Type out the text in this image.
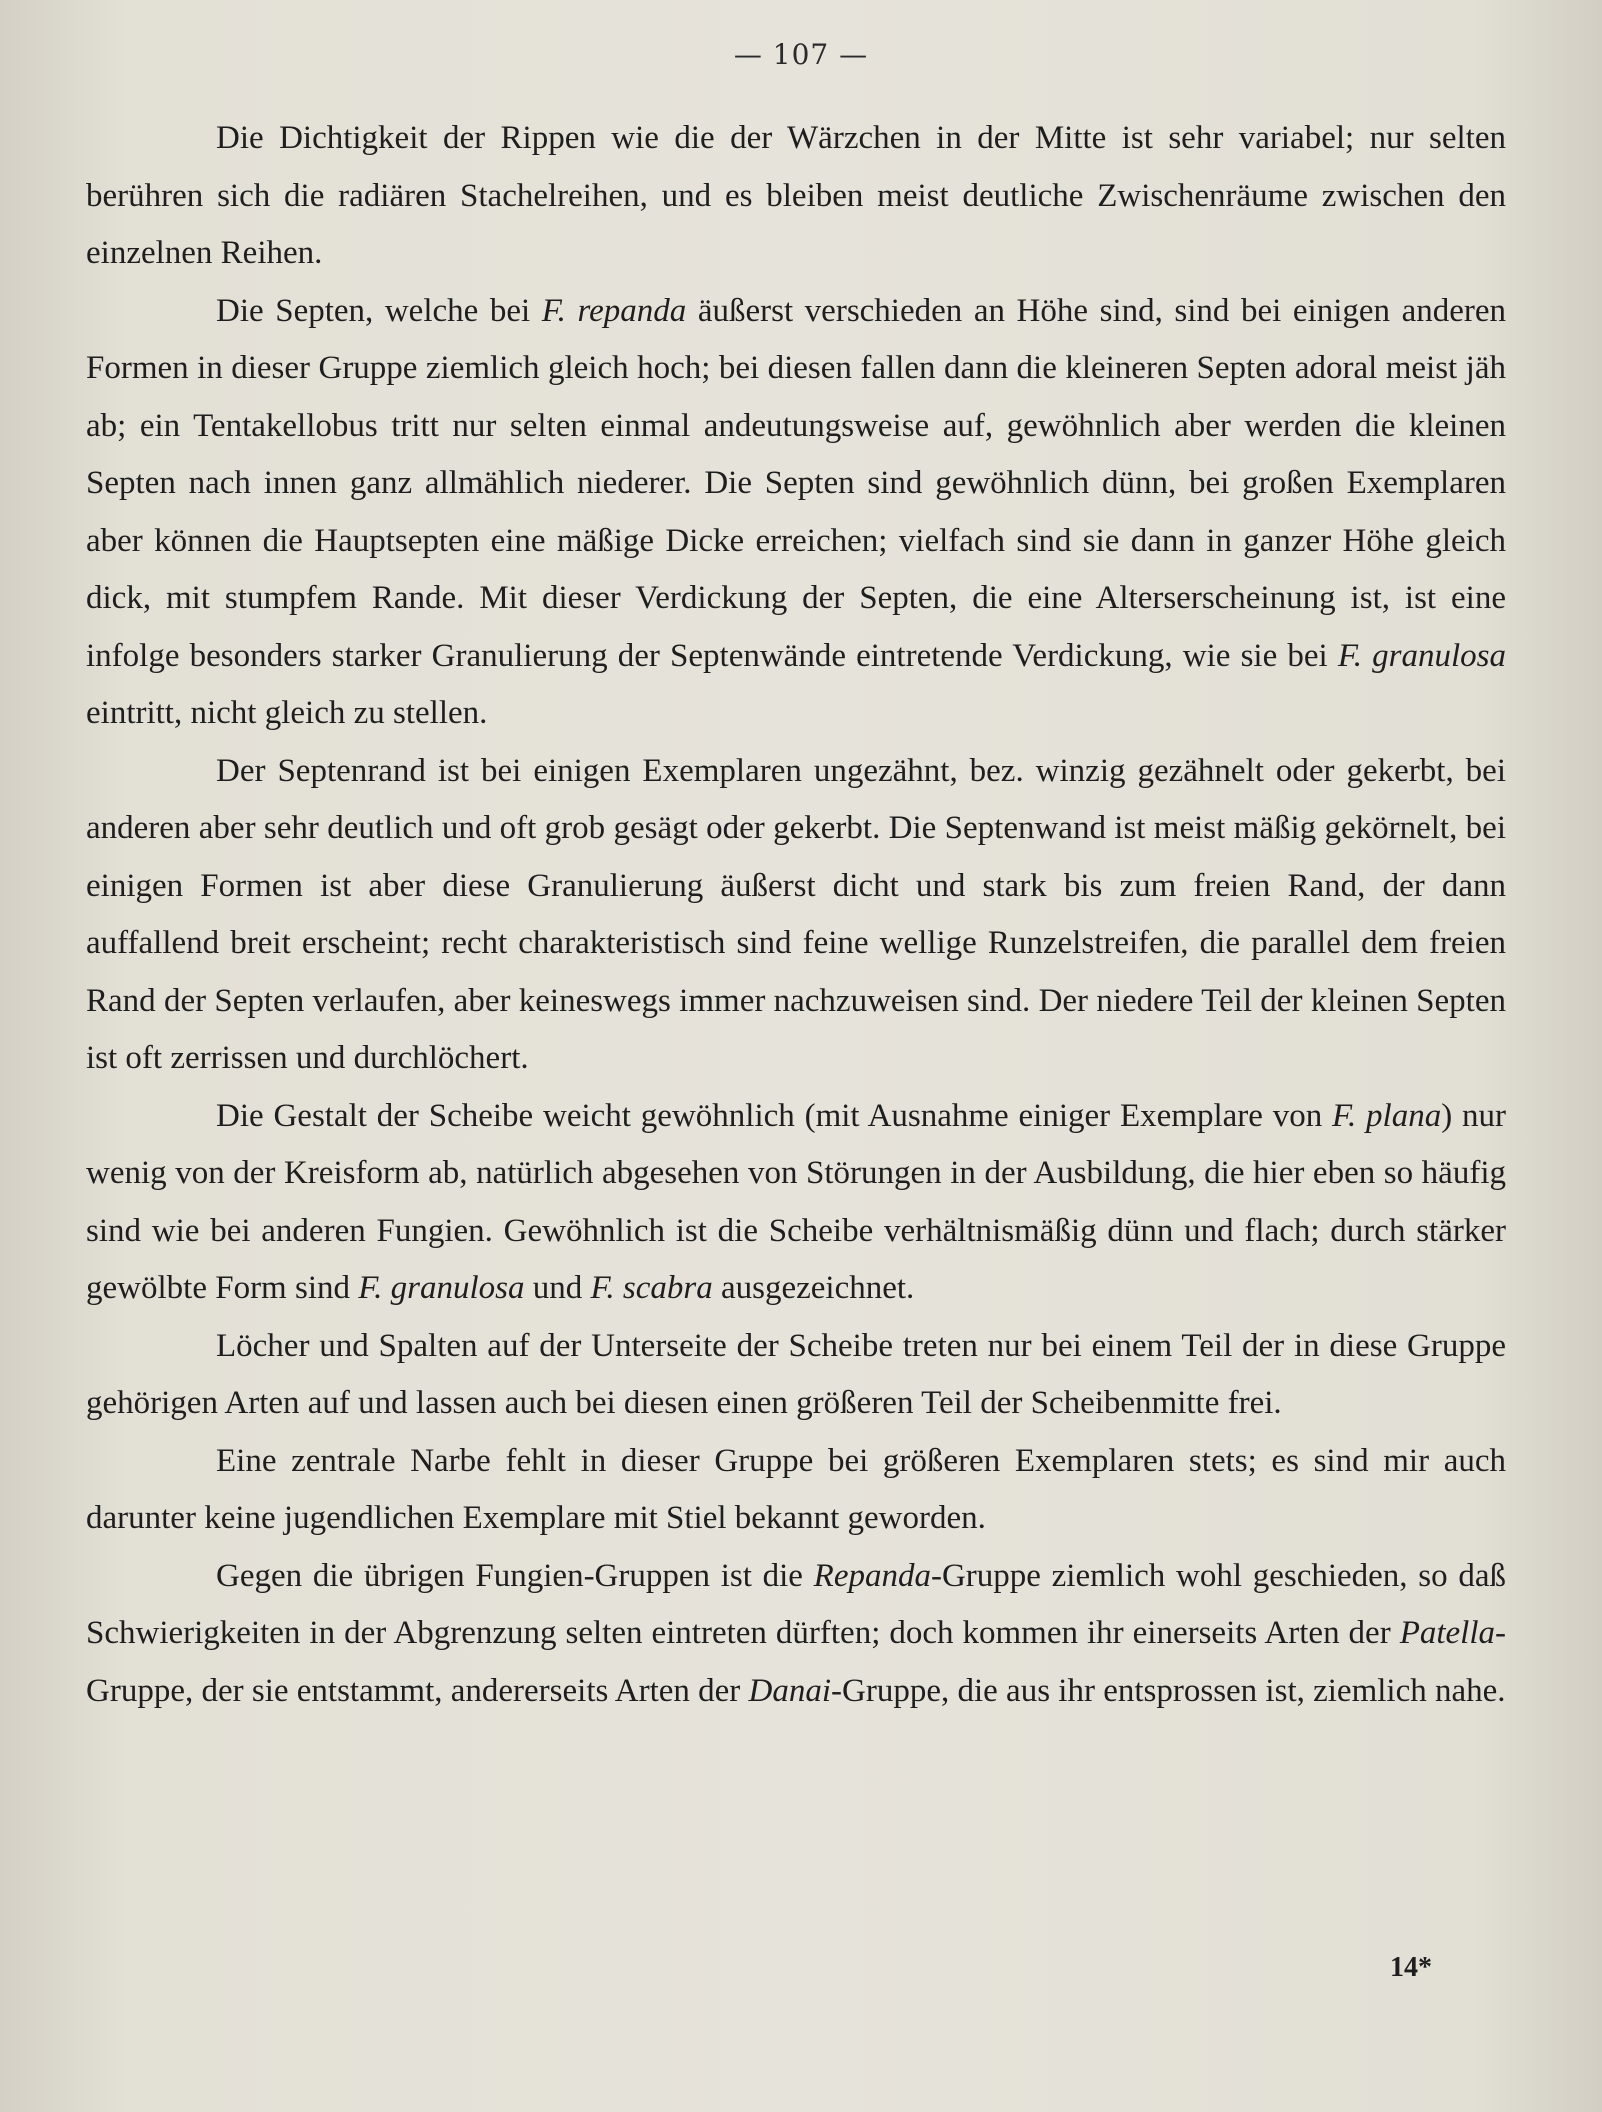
— 107 —

Die Dichtigkeit der Rippen wie die der Wärzchen in der Mitte ist sehr variabel; nur selten berühren sich die radiären Stachelreihen, und es bleiben meist deutliche Zwischenräume zwischen den einzelnen Reihen.

Die Septen, welche bei F. repanda äußerst verschieden an Höhe sind, sind bei einigen anderen Formen in dieser Gruppe ziemlich gleich hoch; bei diesen fallen dann die kleineren Septen adoral meist jäh ab; ein Tentakellobus tritt nur selten einmal andeutungsweise auf, gewöhnlich aber werden die kleinen Septen nach innen ganz allmählich niederer. Die Septen sind gewöhnlich dünn, bei großen Exemplaren aber können die Hauptsepten eine mäßige Dicke erreichen; vielfach sind sie dann in ganzer Höhe gleich dick, mit stumpfem Rande. Mit dieser Verdickung der Septen, die eine Alterserscheinung ist, ist eine infolge besonders starker Granulierung der Septenwände eintretende Verdickung, wie sie bei F. granulosa eintritt, nicht gleich zu stellen.

Der Septenrand ist bei einigen Exemplaren ungezähnt, bez. winzig gezähnelt oder gekerbt, bei anderen aber sehr deutlich und oft grob gesägt oder gekerbt. Die Septenwand ist meist mäßig gekörnelt, bei einigen Formen ist aber diese Granulierung äußerst dicht und stark bis zum freien Rand, der dann auffallend breit erscheint; recht charakteristisch sind feine wellige Runzelstreifen, die parallel dem freien Rand der Septen verlaufen, aber keineswegs immer nachzuweisen sind. Der niedere Teil der kleinen Septen ist oft zerrissen und durchlöchert.

Die Gestalt der Scheibe weicht gewöhnlich (mit Ausnahme einiger Exemplare von F. plana) nur wenig von der Kreisform ab, natürlich abgesehen von Störungen in der Ausbildung, die hier eben so häufig sind wie bei anderen Fungien. Gewöhnlich ist die Scheibe verhältnismäßig dünn und flach; durch stärker gewölbte Form sind F. granulosa und F. scabra ausgezeichnet.

Löcher und Spalten auf der Unterseite der Scheibe treten nur bei einem Teil der in diese Gruppe gehörigen Arten auf und lassen auch bei diesen einen größeren Teil der Scheibenmitte frei.

Eine zentrale Narbe fehlt in dieser Gruppe bei größeren Exemplaren stets; es sind mir auch darunter keine jugendlichen Exemplare mit Stiel bekannt geworden.

Gegen die übrigen Fungien-Gruppen ist die Repanda-Gruppe ziemlich wohl geschieden, so daß Schwierigkeiten in der Abgrenzung selten eintreten dürften; doch kommen ihr einerseits Arten der Patella-Gruppe, der sie entstammt, andererseits Arten der Danai-Gruppe, die aus ihr entsprossen ist, ziemlich nahe.

14*
